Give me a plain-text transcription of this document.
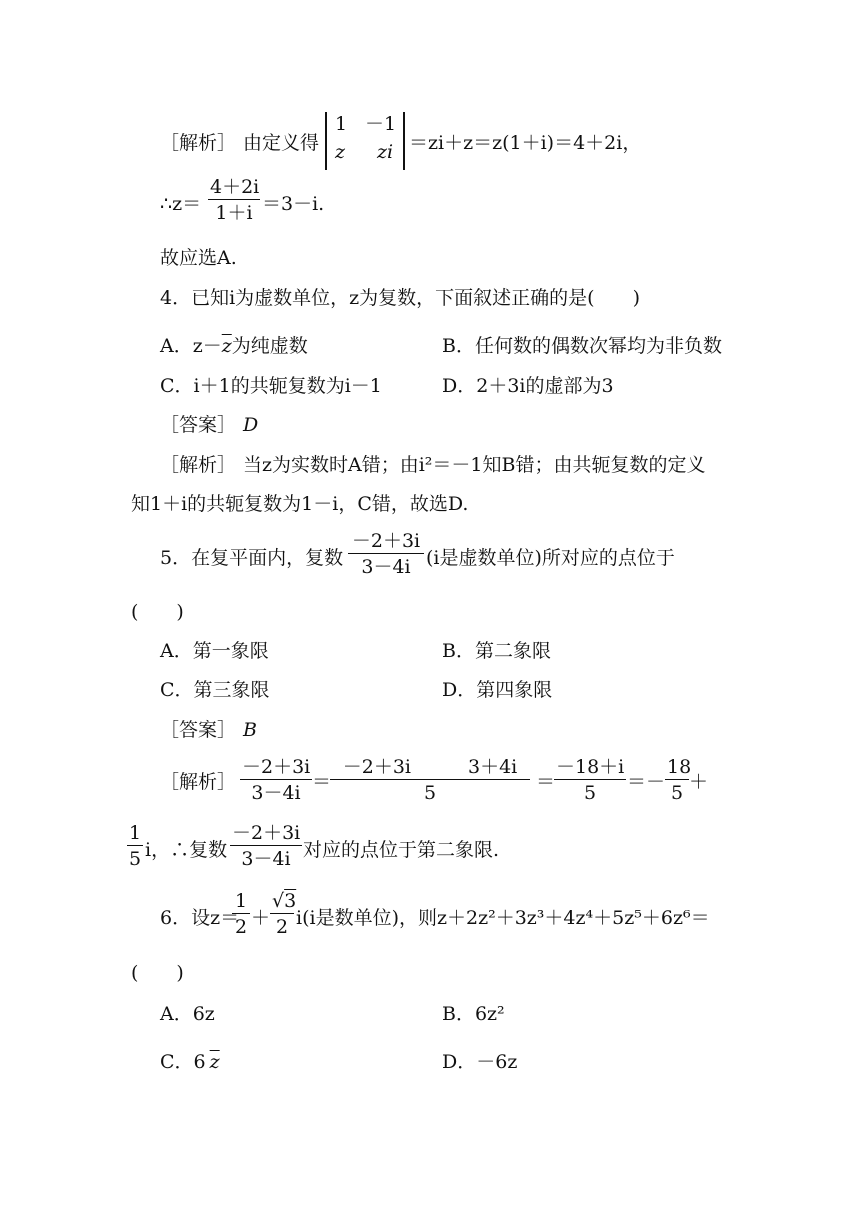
［解析］ 由定义得
1 －1
z zi ＝zi＋z＝z(1＋i)＝4＋2i，
∴z＝ $\frac{4+2i}{1+i} =3-i$.
故应选A.
4．已知i为虚数单位，z为复数，下面叙述正确的是(　　)
A．$z-\overline{z}$为纯虚数	B．任何数的偶数次幂均为非负数
C．i＋1的共轭复数为i－1	D．2＋3i的虚部为3
［答案］ D
［解析］ 当z为实数时A错；由i²＝－1知B错；由共轭复数的定义
知1＋i的共轭复数为1－i，C错，故选D.
5．在复平面内，复数 $\frac{-2+3i}{3-4i} (i$是虚数单位)所对应的点位于
(　　)
A．第一象限	B．第二象限
C．第三象限	D．第四象限
［答案］ B
［解析］ $\frac{-2+3i}{3-4i}$ ＝
$\frac{-2+3i 3+4i}{5}$ ＝
$\frac{-18+i}{5} =- \frac{18}{5}$ ＋
$\frac{1}{5}$ i，∴复数 $\frac{-2+3i}{3-4i}$ 对应的点位于第二象限.
6．设z＝
$\frac{1}{2} + \frac{√3}{2} i(i$是数单位)，则z＋2z²＋3z³＋4z⁴＋5z⁵＋6z⁶＝
(　　)
A．6z	B．6z²
C．6 $\overline{z}$	D．－6z
